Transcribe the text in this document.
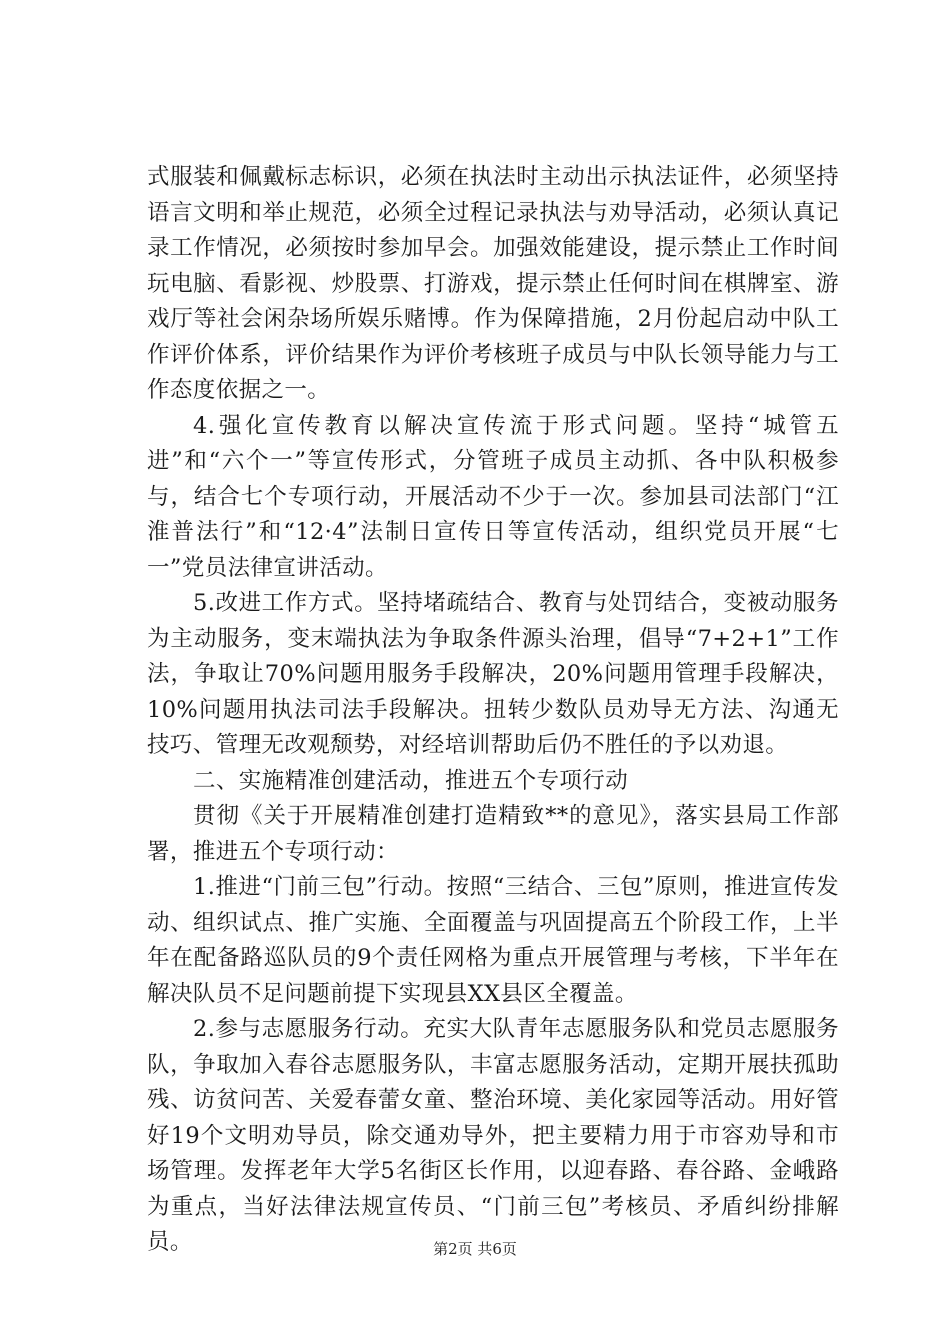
式服装和佩戴标志标识，必须在执法时主动出示执法证件，必须坚持语言文明和举止规范，必须全过程记录执法与劝导活动，必须认真记录工作情况，必须按时参加早会。加强效能建设，提示禁止工作时间玩电脑、看影视、炒股票、打游戏，提示禁止任何时间在棋牌室、游戏厅等社会闲杂场所娱乐赌博。作为保障措施，2月份起启动中队工作评价体系，评价结果作为评价考核班子成员与中队长领导能力与工作态度依据之一。

4.强化宣传教育以解决宣传流于形式问题。坚持“城管五进”和“六个一”等宣传形式，分管班子成员主动抓、各中队积极参与，结合七个专项行动，开展活动不少于一次。参加县司法部门“江淮普法行”和“12·4”法制日宣传日等宣传活动，组织党员开展“七一”党员法律宣讲活动。

5.改进工作方式。坚持堵疏结合、教育与处罚结合，变被动服务为主动服务，变末端执法为争取条件源头治理，倡导“7+2+1”工作法，争取让70%问题用服务手段解决，20%问题用管理手段解决，10%问题用执法司法手段解决。扭转少数队员劝导无方法、沟通无技巧、管理无改观颓势，对经培训帮助后仍不胜任的予以劝退。

二、实施精准创建活动，推进五个专项行动

贯彻《关于开展精准创建打造精致**的意见》，落实县局工作部署，推进五个专项行动：

1.推进“门前三包”行动。按照“三结合、三包”原则，推进宣传发动、组织试点、推广实施、全面覆盖与巩固提高五个阶段工作，上半年在配备路巡队员的9个责任网格为重点开展管理与考核，下半年在解决队员不足问题前提下实现县XX县区全覆盖。

2.参与志愿服务行动。充实大队青年志愿服务队和党员志愿服务队，争取加入春谷志愿服务队，丰富志愿服务活动，定期开展扶孤助残、访贫问苦、关爱春蕾女童、整治环境、美化家园等活动。用好管好19个文明劝导员，除交通劝导外，把主要精力用于市容劝导和市场管理。发挥老年大学5名街区长作用，以迎春路、春谷路、金峨路为重点，当好法律法规宣传员、“门前三包”考核员、矛盾纠纷排解员。	第2页 共6页
